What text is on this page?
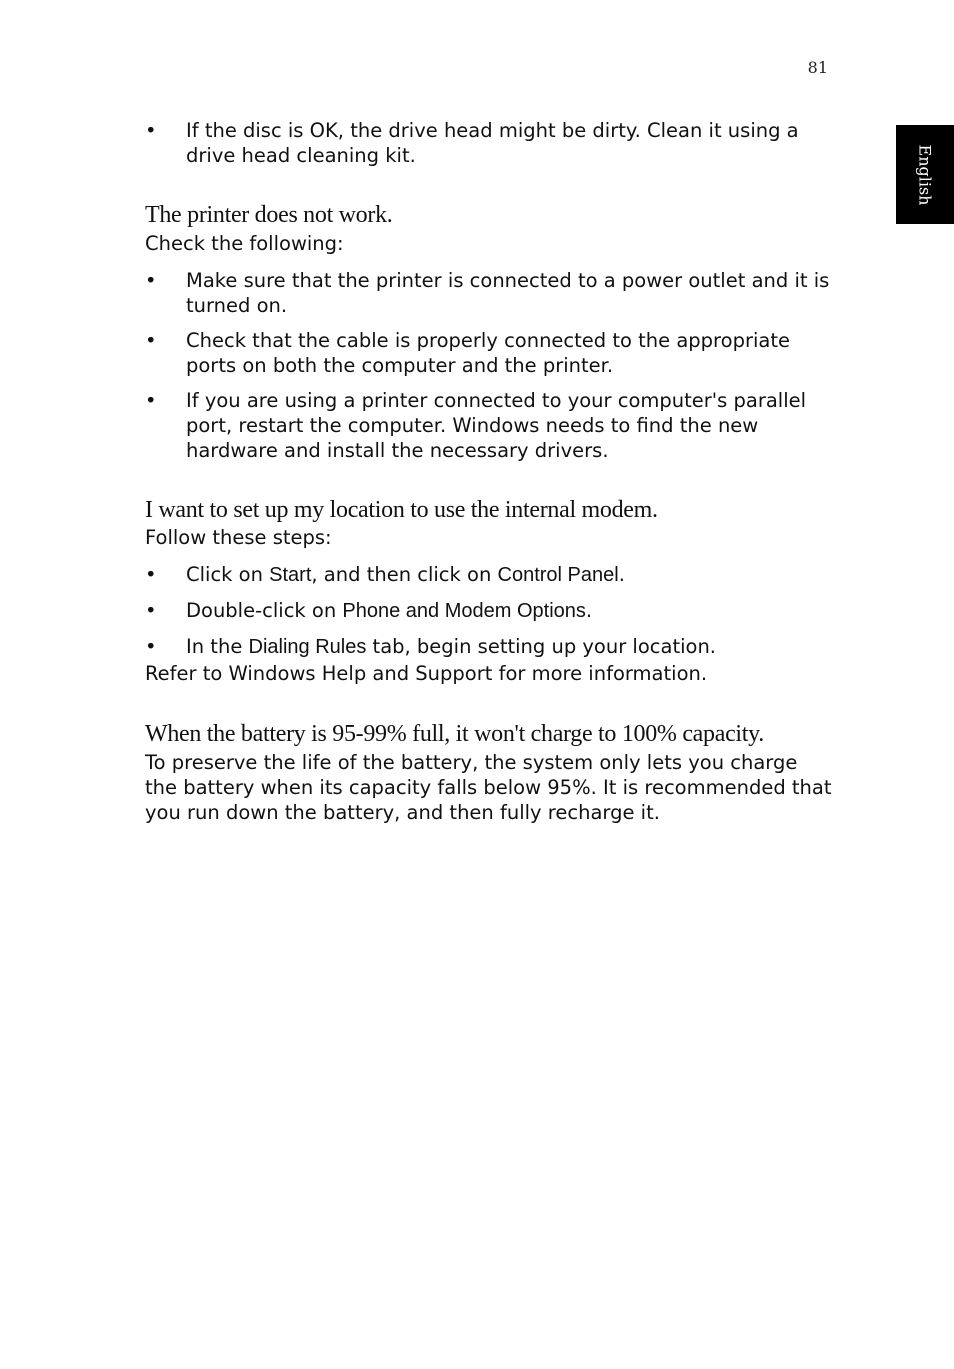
81
English
• If the disc is OK, the drive head might be dirty. Clean it using a drive head cleaning kit.
The printer does not work.

Check the following:

• Make sure that the printer is connected to a power outlet and it is turned on.
• Check that the cable is properly connected to the appropriate ports on both the computer and the printer.
• If you are using a printer connected to your computer's parallel port, restart the computer. Windows needs to find the new hardware and install the necessary drivers.
I want to set up my location to use the internal modem.

Follow these steps:

• Click on Start, and then click on Control Panel.
• Double-click on Phone and Modem Options.
• In the Dialing Rules tab, begin setting up your location.

Refer to Windows Help and Support for more information.

When the battery is 95-99% full, it won't charge to 100% capacity.

To preserve the life of the battery, the system only lets you charge the battery when its capacity falls below 95%. It is recommended that you run down the battery, and then fully recharge it.
